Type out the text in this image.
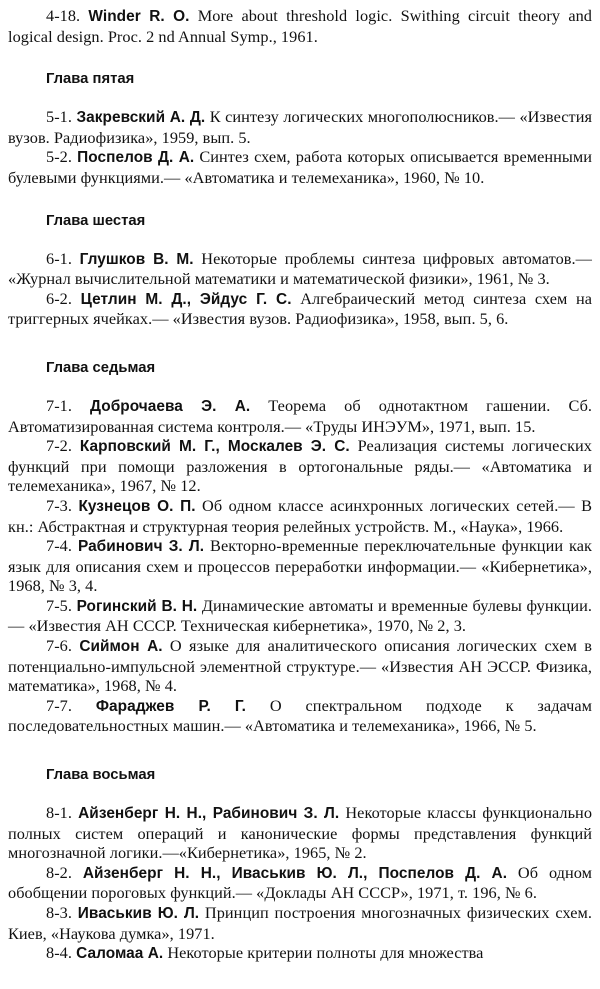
4-18. Winder R. O. More about threshold logic. Swithing circuit theory and logical design. Proc. 2 nd Annual Symp., 1961.

Глава пятая

5-1. Закревский А. Д. К синтезу логических многополюсников.— «Известия вузов. Радиофизика», 1959, вып. 5.

5-2. Поспелов Д. А. Синтез схем, работа которых описывается временными булевыми функциями.— «Автоматика и телемеханика», 1960, № 10.

Глава шестая

6-1. Глушков В. М. Некоторые проблемы синтеза цифровых автоматов.— «Журнал вычислительной математики и математической физики», 1961, № 3.

6-2. Цетлин М. Д., Эйдус Г. С. Алгебраический метод синтеза схем на триггерных ячейках.— «Известия вузов. Радиофизика», 1958, вып. 5, 6.

Глава седьмая

7-1. Доброчаева Э. А. Теорема об однотактном гашении. Сб. Автоматизированная система контроля.— «Труды ИНЭУМ», 1971, вып. 15.

7-2. Карповский М. Г., Москалев Э. С. Реализация системы логических функций при помощи разложения в ортогональные ряды.— «Автоматика и телемеханика», 1967, № 12.

7-3. Кузнецов О. П. Об одном классе асинхронных логических сетей.— В кн.: Абстрактная и структурная теория релейных устройств. М., «Наука», 1966.

7-4. Рабинович З. Л. Векторно-временные переключательные функции как язык для описания схем и процессов переработки информации.— «Кибернетика», 1968, № 3, 4.

7-5. Рогинский В. Н. Динамические автоматы и временные булевы функции.— «Известия АН СССР. Техническая кибернетика», 1970, № 2, 3.

7-6. Сиймон А. О языке для аналитического описания логических схем в потенциально-импульсной элементной структуре.— «Известия АН ЭССР. Физика, математика», 1968, № 4.

7-7. Фараджев Р. Г. О спектральном подходе к задачам последовательностных машин.— «Автоматика и телемеханика», 1966, № 5.

Глава восьмая

8-1. Айзенберг Н. Н., Рабинович З. Л. Некоторые классы функционально полных систем операций и канонические формы представления функций многозначной логики.—«Кибернетика», 1965, № 2.

8-2. Айзенберг Н. Н., Иваськив Ю. Л., Поспелов Д. А. Об одном обобщении пороговых функций.— «Доклады АН СССР», 1971, т. 196, № 6.

8-3. Иваськив Ю. Л. Принцип построения многозначных физических схем. Киев, «Наукова думка», 1971.

8-4. Саломаа А. Некоторые критерии полноты для множества
